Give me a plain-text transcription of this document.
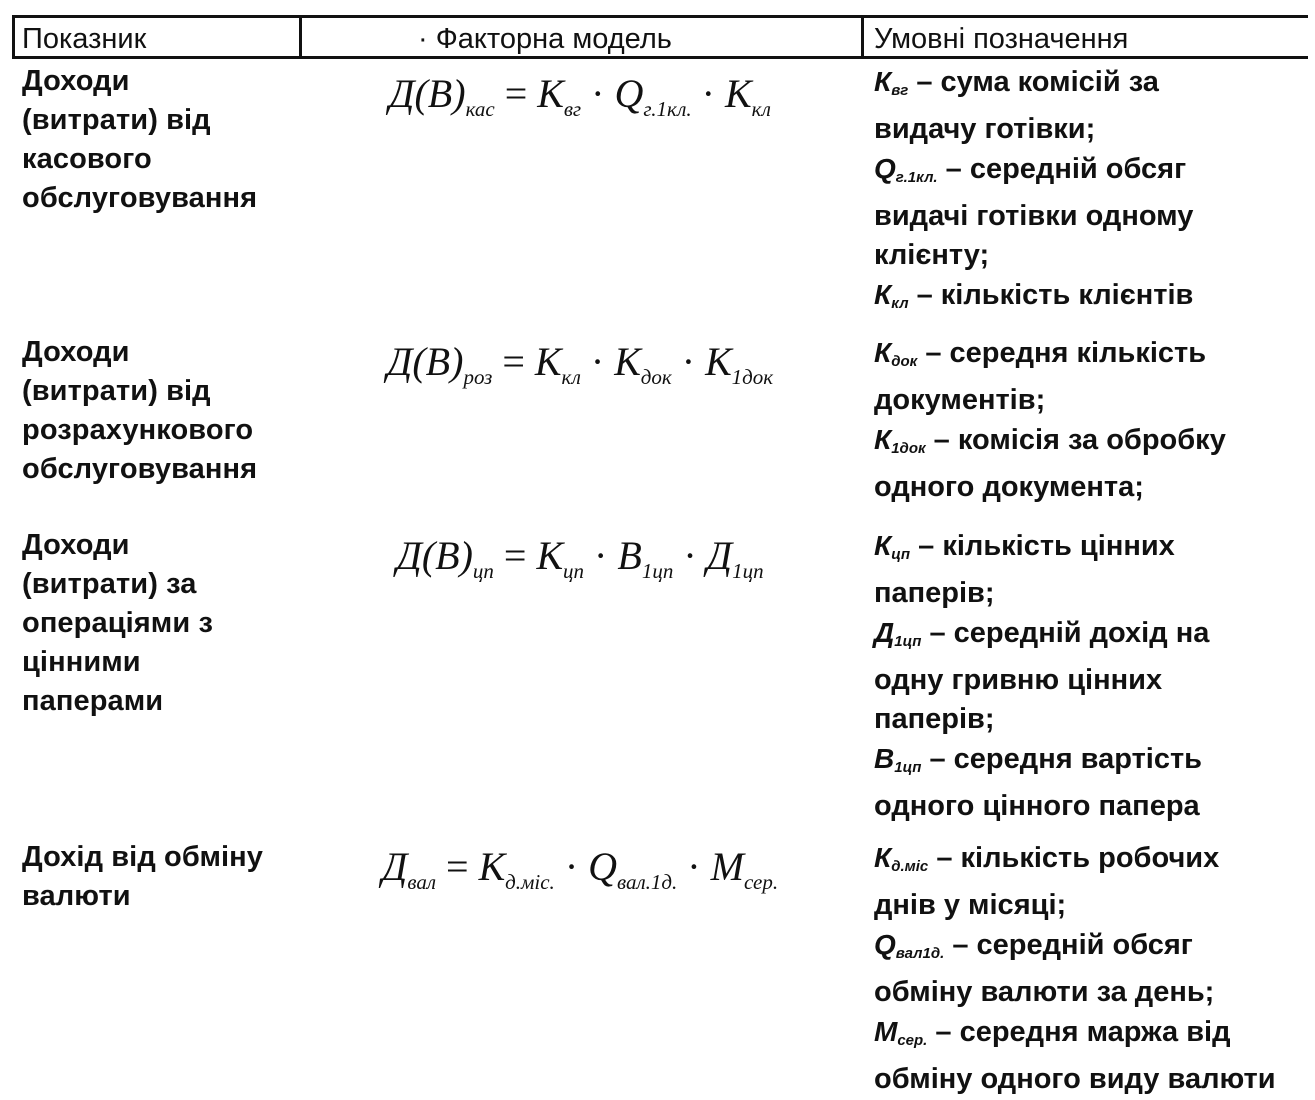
Показник	· Факторна модель	Умовні позначення
Доходи
(витрати) від
касового
обслуговування
$Д(В)_{кас} = К_{вг} \cdot Q_{г.1кл.} \cdot К_{кл}$
$К_{вг}$ – сума комісій за
видачу готівки;
$Q_{г.1кл.}$ – середній обсяг
видачі готівки одному
клієнту;
$К_{кл}$ – кількість клієнтів
Доходи
(витрати) від
розрахункового
обслуговування
$Д(В)_{роз} = К_{кл} \cdot К_{док} \cdot К_{1док}$
$К_{док}$ – середня кількість
документів;
$К_{1док}$ – комісія за обробку
одного документа;
Доходи
(витрати) за
операціями з
цінними
паперами
$Д(В)_{цп} = К_{цп} \cdot В_{1цп} \cdot Д_{1цп}$
$К_{цп}$ – кількість цінних
паперів;
$Д_{1цп}$ – середній дохід на
одну гривню цінних
паперів;
$В_{1цп}$ – середня вартість
одного цінного папера
Дохід від обміну
валюти
$Д_{вал} = К_{д.міс.} \cdot Q_{вал.1д.} \cdot М_{сер.}$
$К_{д.міс}$ – кількість робочих
днів у місяці;
$Q_{вал1д.}$ – середній обсяг
обміну валюти за день;
$М_{сер.}$ – середня маржа від
обміну одного виду валюти
